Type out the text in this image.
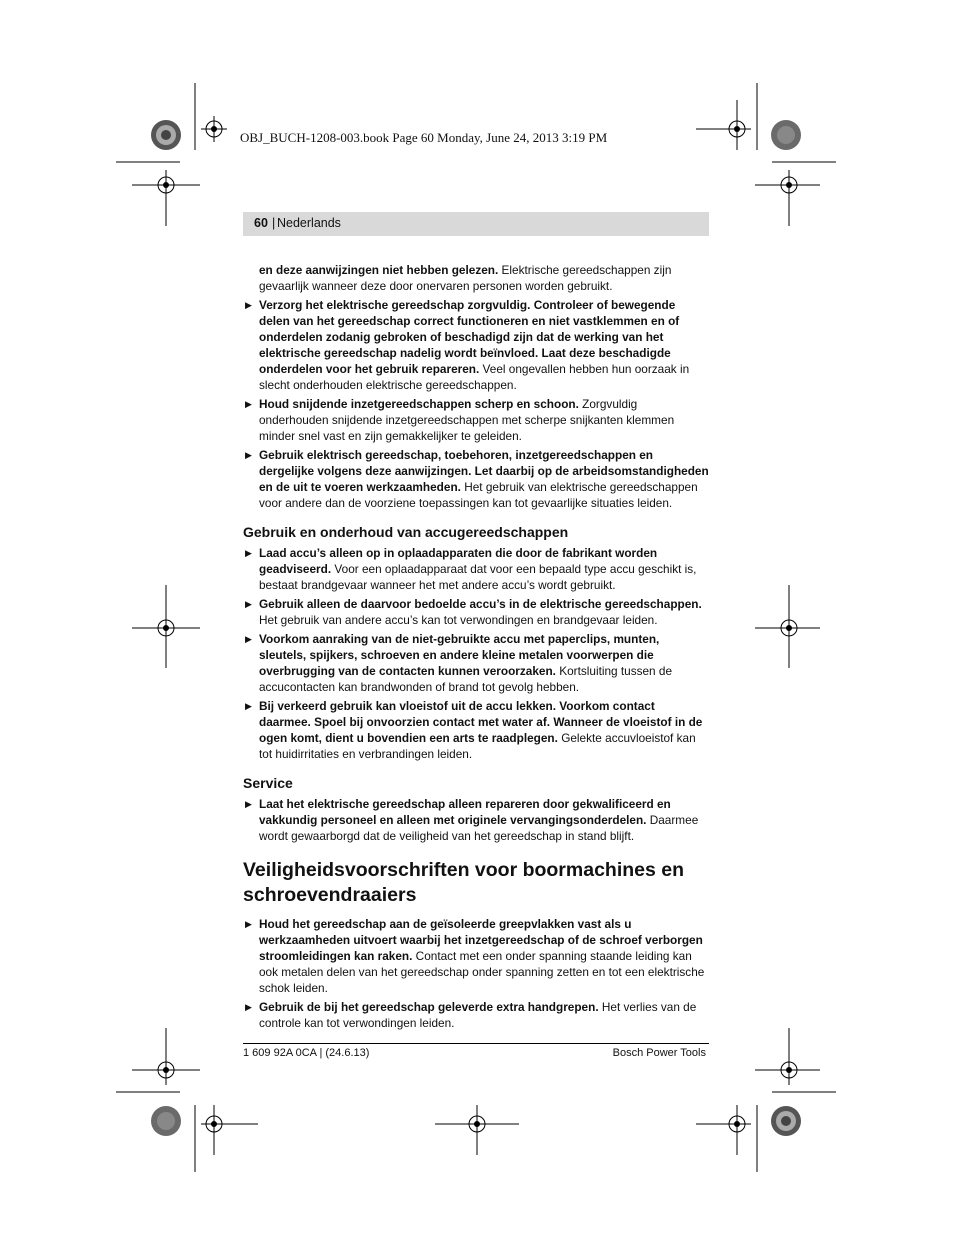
OBJ_BUCH-1208-003.book Page 60 Monday, June 24, 2013 3:19 PM
60 | Nederlands

en deze aanwijzingen niet hebben gelezen. Elektrische gereedschappen zijn gevaarlijk wanneer deze door onervaren personen worden gebruikt.

▶ Verzorg het elektrische gereedschap zorgvuldig. Controleer of bewegende delen van het gereedschap correct functioneren en niet vastklemmen en of onderdelen zodanig gebroken of beschadigd zijn dat de werking van het elektrische gereedschap nadelig wordt beïnvloed. Laat deze beschadigde onderdelen voor het gebruik repareren. Veel ongevallen hebben hun oorzaak in slecht onderhouden elektrische gereedschappen.
▶ Houd snijdende inzetgereedschappen scherp en schoon. Zorgvuldig onderhouden snijdende inzetgereedschappen met scherpe snijkanten klemmen minder snel vast en zijn gemakkelijker te geleiden.
▶ Gebruik elektrisch gereedschap, toebehoren, inzetgereedschappen en dergelijke volgens deze aanwijzingen. Let daarbij op de arbeidsomstandigheden en de uit te voeren werkzaamheden. Het gebruik van elektrische gereedschappen voor andere dan de voorziene toepassingen kan tot gevaarlijke situaties leiden.
Gebruik en onderhoud van accugereedschappen
▶ Laad accu’s alleen op in oplaadapparaten die door de fabrikant worden geadviseerd. Voor een oplaadapparaat dat voor een bepaald type accu geschikt is, bestaat brandgevaar wanneer het met andere accu’s wordt gebruikt.
▶ Gebruik alleen de daarvoor bedoelde accu’s in de elektrische gereedschappen. Het gebruik van andere accu’s kan tot verwondingen en brandgevaar leiden.
▶ Voorkom aanraking van de niet-gebruikte accu met paperclips, munten, sleutels, spijkers, schroeven en andere kleine metalen voorwerpen die overbrugging van de contacten kunnen veroorzaken. Kortsluiting tussen de accucontacten kan brandwonden of brand tot gevolg hebben.
▶ Bij verkeerd gebruik kan vloeistof uit de accu lekken. Voorkom contact daarmee. Spoel bij onvoorzien contact met water af. Wanneer de vloeistof in de ogen komt, dient u bovendien een arts te raadplegen. Gelekte accuvloeistof kan tot huidirritaties en verbrandingen leiden.
Service
▶ Laat het elektrische gereedschap alleen repareren door gekwalificeerd en vakkundig personeel en alleen met originele vervangingsonderdelen. Daarmee wordt gewaarborgd dat de veiligheid van het gereedschap in stand blijft.
Veiligheidsvoorschriften voor boormachines en schroevendraaiers
▶ Houd het gereedschap aan de geïsoleerde greepvlakken vast als u werkzaamheden uitvoert waarbij het inzetgereedschap of de schroef verborgen stroomleidingen kan raken. Contact met een onder spanning staande leiding kan ook metalen delen van het gereedschap onder spanning zetten en tot een elektrische schok leiden.
▶ Gebruik de bij het gereedschap geleverde extra handgrepen. Het verlies van de controle kan tot verwondingen leiden.
1 609 92A 0CA | (24.6.13)	Bosch Power Tools
